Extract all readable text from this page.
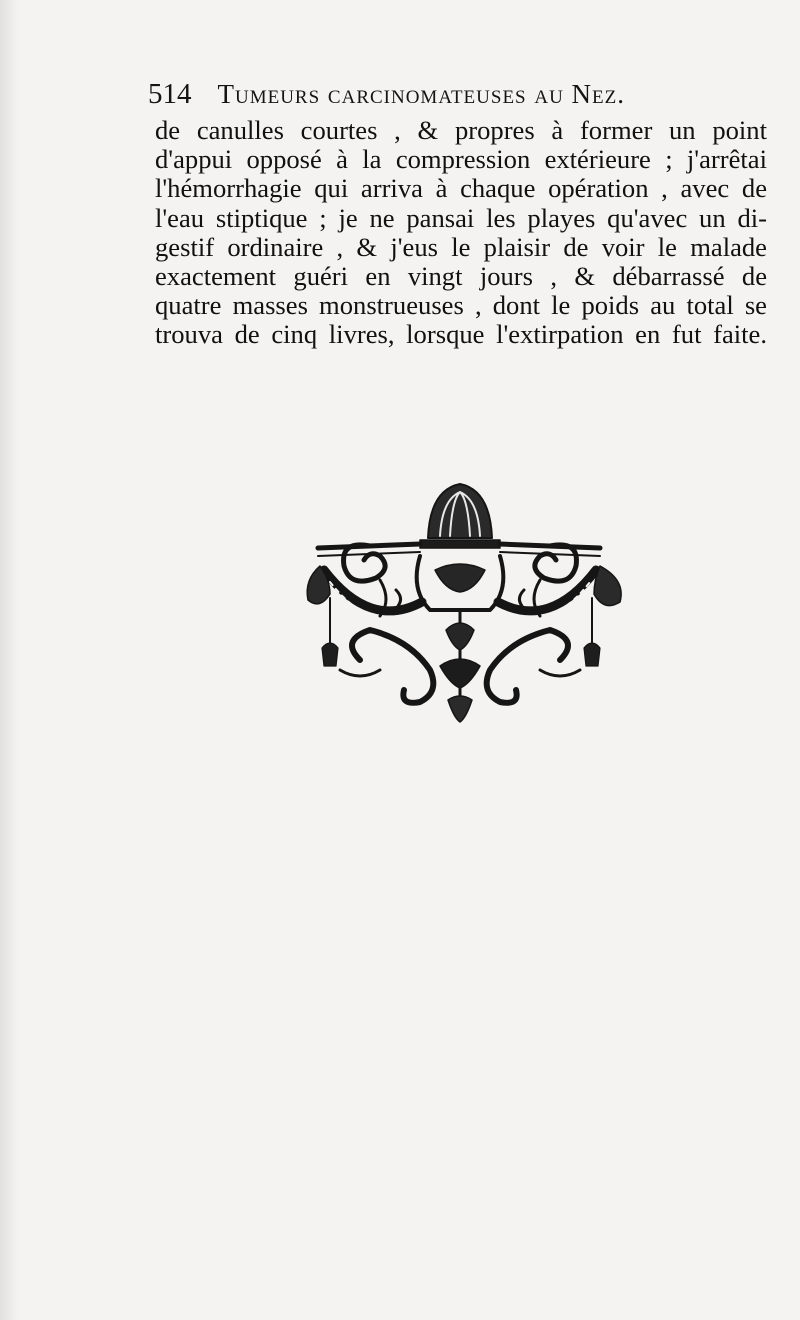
514 Tumeurs carcinomateuses au Nez.
de canulles courtes , & propres à former un point
d'appui opposé à la compression extérieure ; j'arrêtai
l'hémorrhagie qui arriva à chaque opération , avec de
l'eau stiptique ; je ne pansai les playes qu'avec un di-
gestif ordinaire , & j'eus le plaisir de voir le malade
exactement guéri en vingt jours , & débarrassé de
quatre masses monstrueuses , dont le poids au total se
trouva de cinq livres, lorsque l'extirpation en fut faite.
